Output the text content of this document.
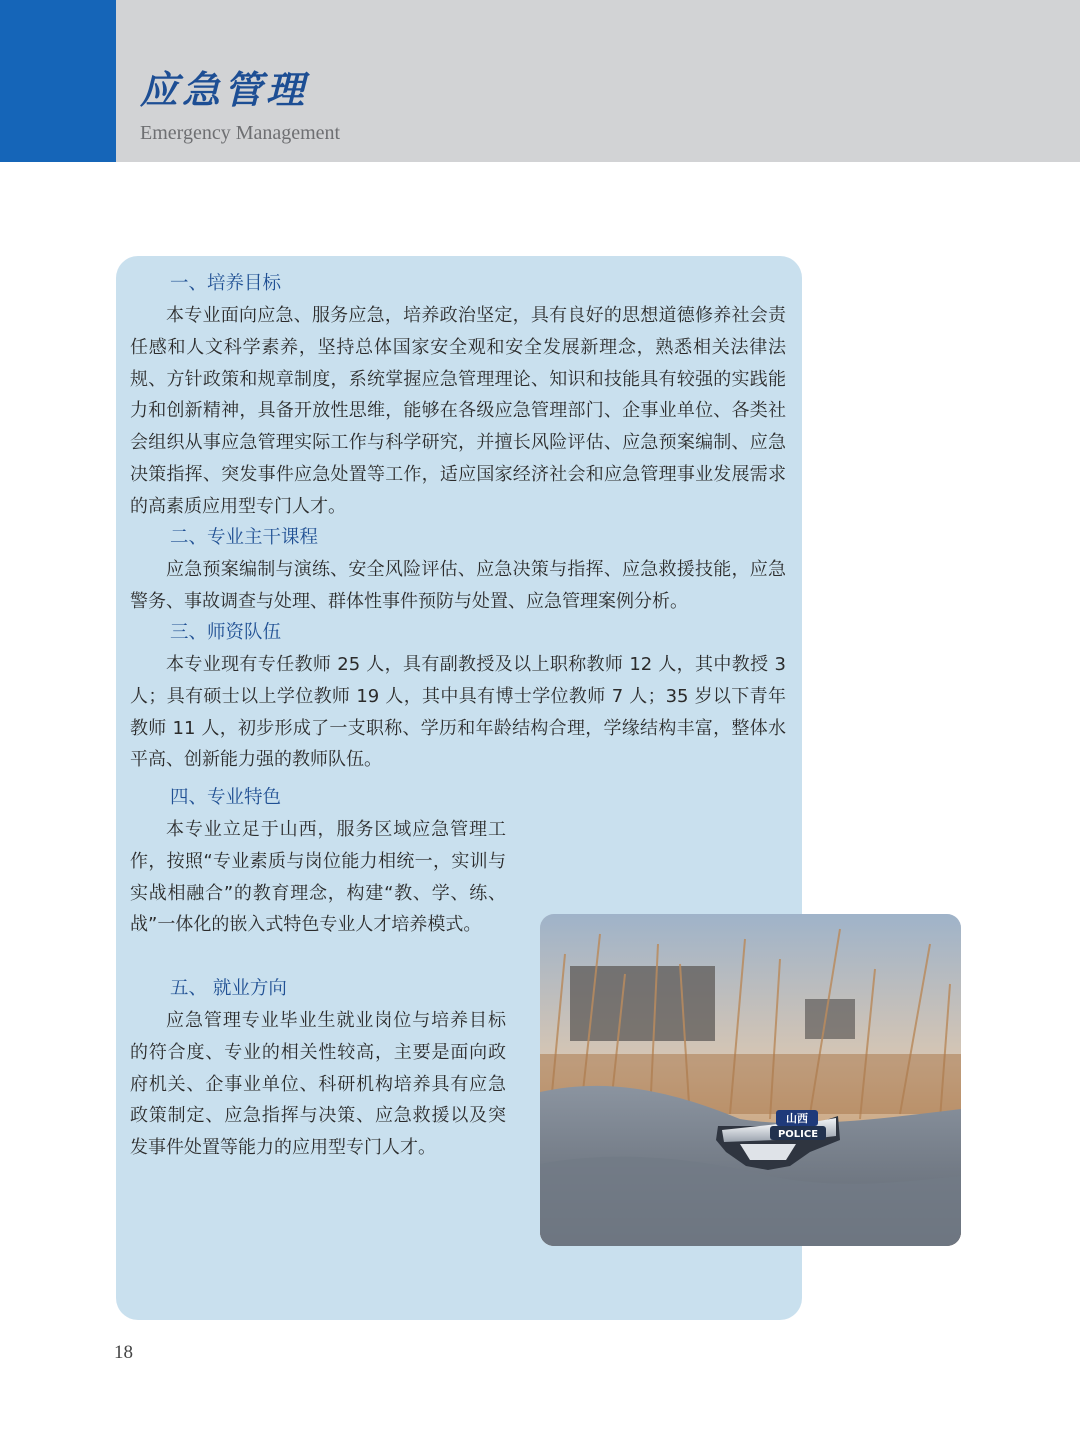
应急管理
Emergency Management
一、培养目标

本专业面向应急、服务应急，培养政治坚定，具有良好的思想道德修养社会责任感和人文科学素养，坚持总体国家安全观和安全发展新理念，熟悉相关法律法规、方针政策和规章制度，系统掌握应急管理理论、知识和技能具有较强的实践能力和创新精神，具备开放性思维，能够在各级应急管理部门、企事业单位、各类社会组织从事应急管理实际工作与科学研究，并擅长风险评估、应急预案编制、应急决策指挥、突发事件应急处置等工作，适应国家经济社会和应急管理事业发展需求的高素质应用型专门人才。

二、专业主干课程

应急预案编制与演练、安全风险评估、应急决策与指挥、应急救援技能，应急警务、事故调查与处理、群体性事件预防与处置、应急管理案例分析。

三、师资队伍

本专业现有专任教师 25 人，具有副教授及以上职称教师 12 人，其中教授 3 人；具有硕士以上学位教师 19 人，其中具有博士学位教师 7 人；35 岁以下青年教师 11 人，初步形成了一支职称、学历和年龄结构合理，学缘结构丰富，整体水平高、创新能力强的教师队伍。

四、专业特色

本专业立足于山西，服务区域应急管理工作，按照“专业素质与岗位能力相统一，实训与实战相融合”的教育理念，构建“教、学、练、战”一体化的嵌入式特色专业人才培养模式。

五、 就业方向

应急管理专业毕业生就业岗位与培养目标的符合度、专业的相关性较高，主要是面向政府机关、企事业单位、科研机构培养具有应急政策制定、应急指挥与决策、应急救援以及突发事件处置等能力的应用型专门人才。

山西
POLICE
18
